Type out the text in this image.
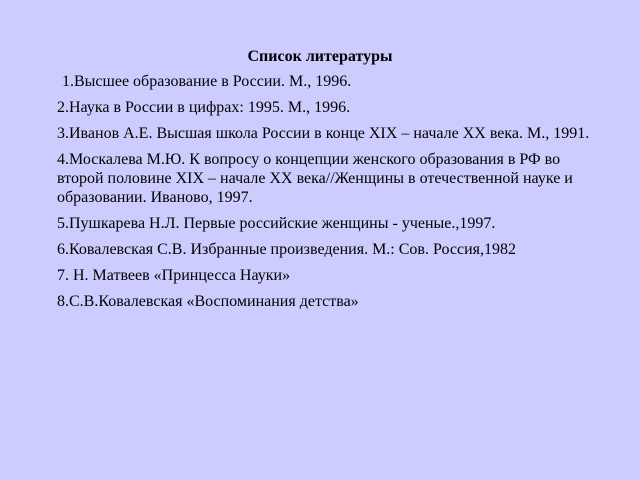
Список литературы
1.Высшее образование в России. М., 1996.
2.Наука в России в цифрах: 1995. М., 1996.
3.Иванов А.Е. Высшая школа России в конце XIX – начале XX века. М., 1991.
4.Москалева М.Ю. К вопросу о концепции женского образования в РФ во второй половине XIX – начале XX века//Женщины в отечественной науке и образовании. Иваново, 1997.
5.Пушкарева Н.Л. Первые российские женщины - ученые.,1997.
6.Ковалевская С.В. Избранные произведения. М.: Сов. Россия,1982
7. Н. Матвеев «Принцесса Науки»
8.С.В.Ковалевская «Воспоминания детства»
